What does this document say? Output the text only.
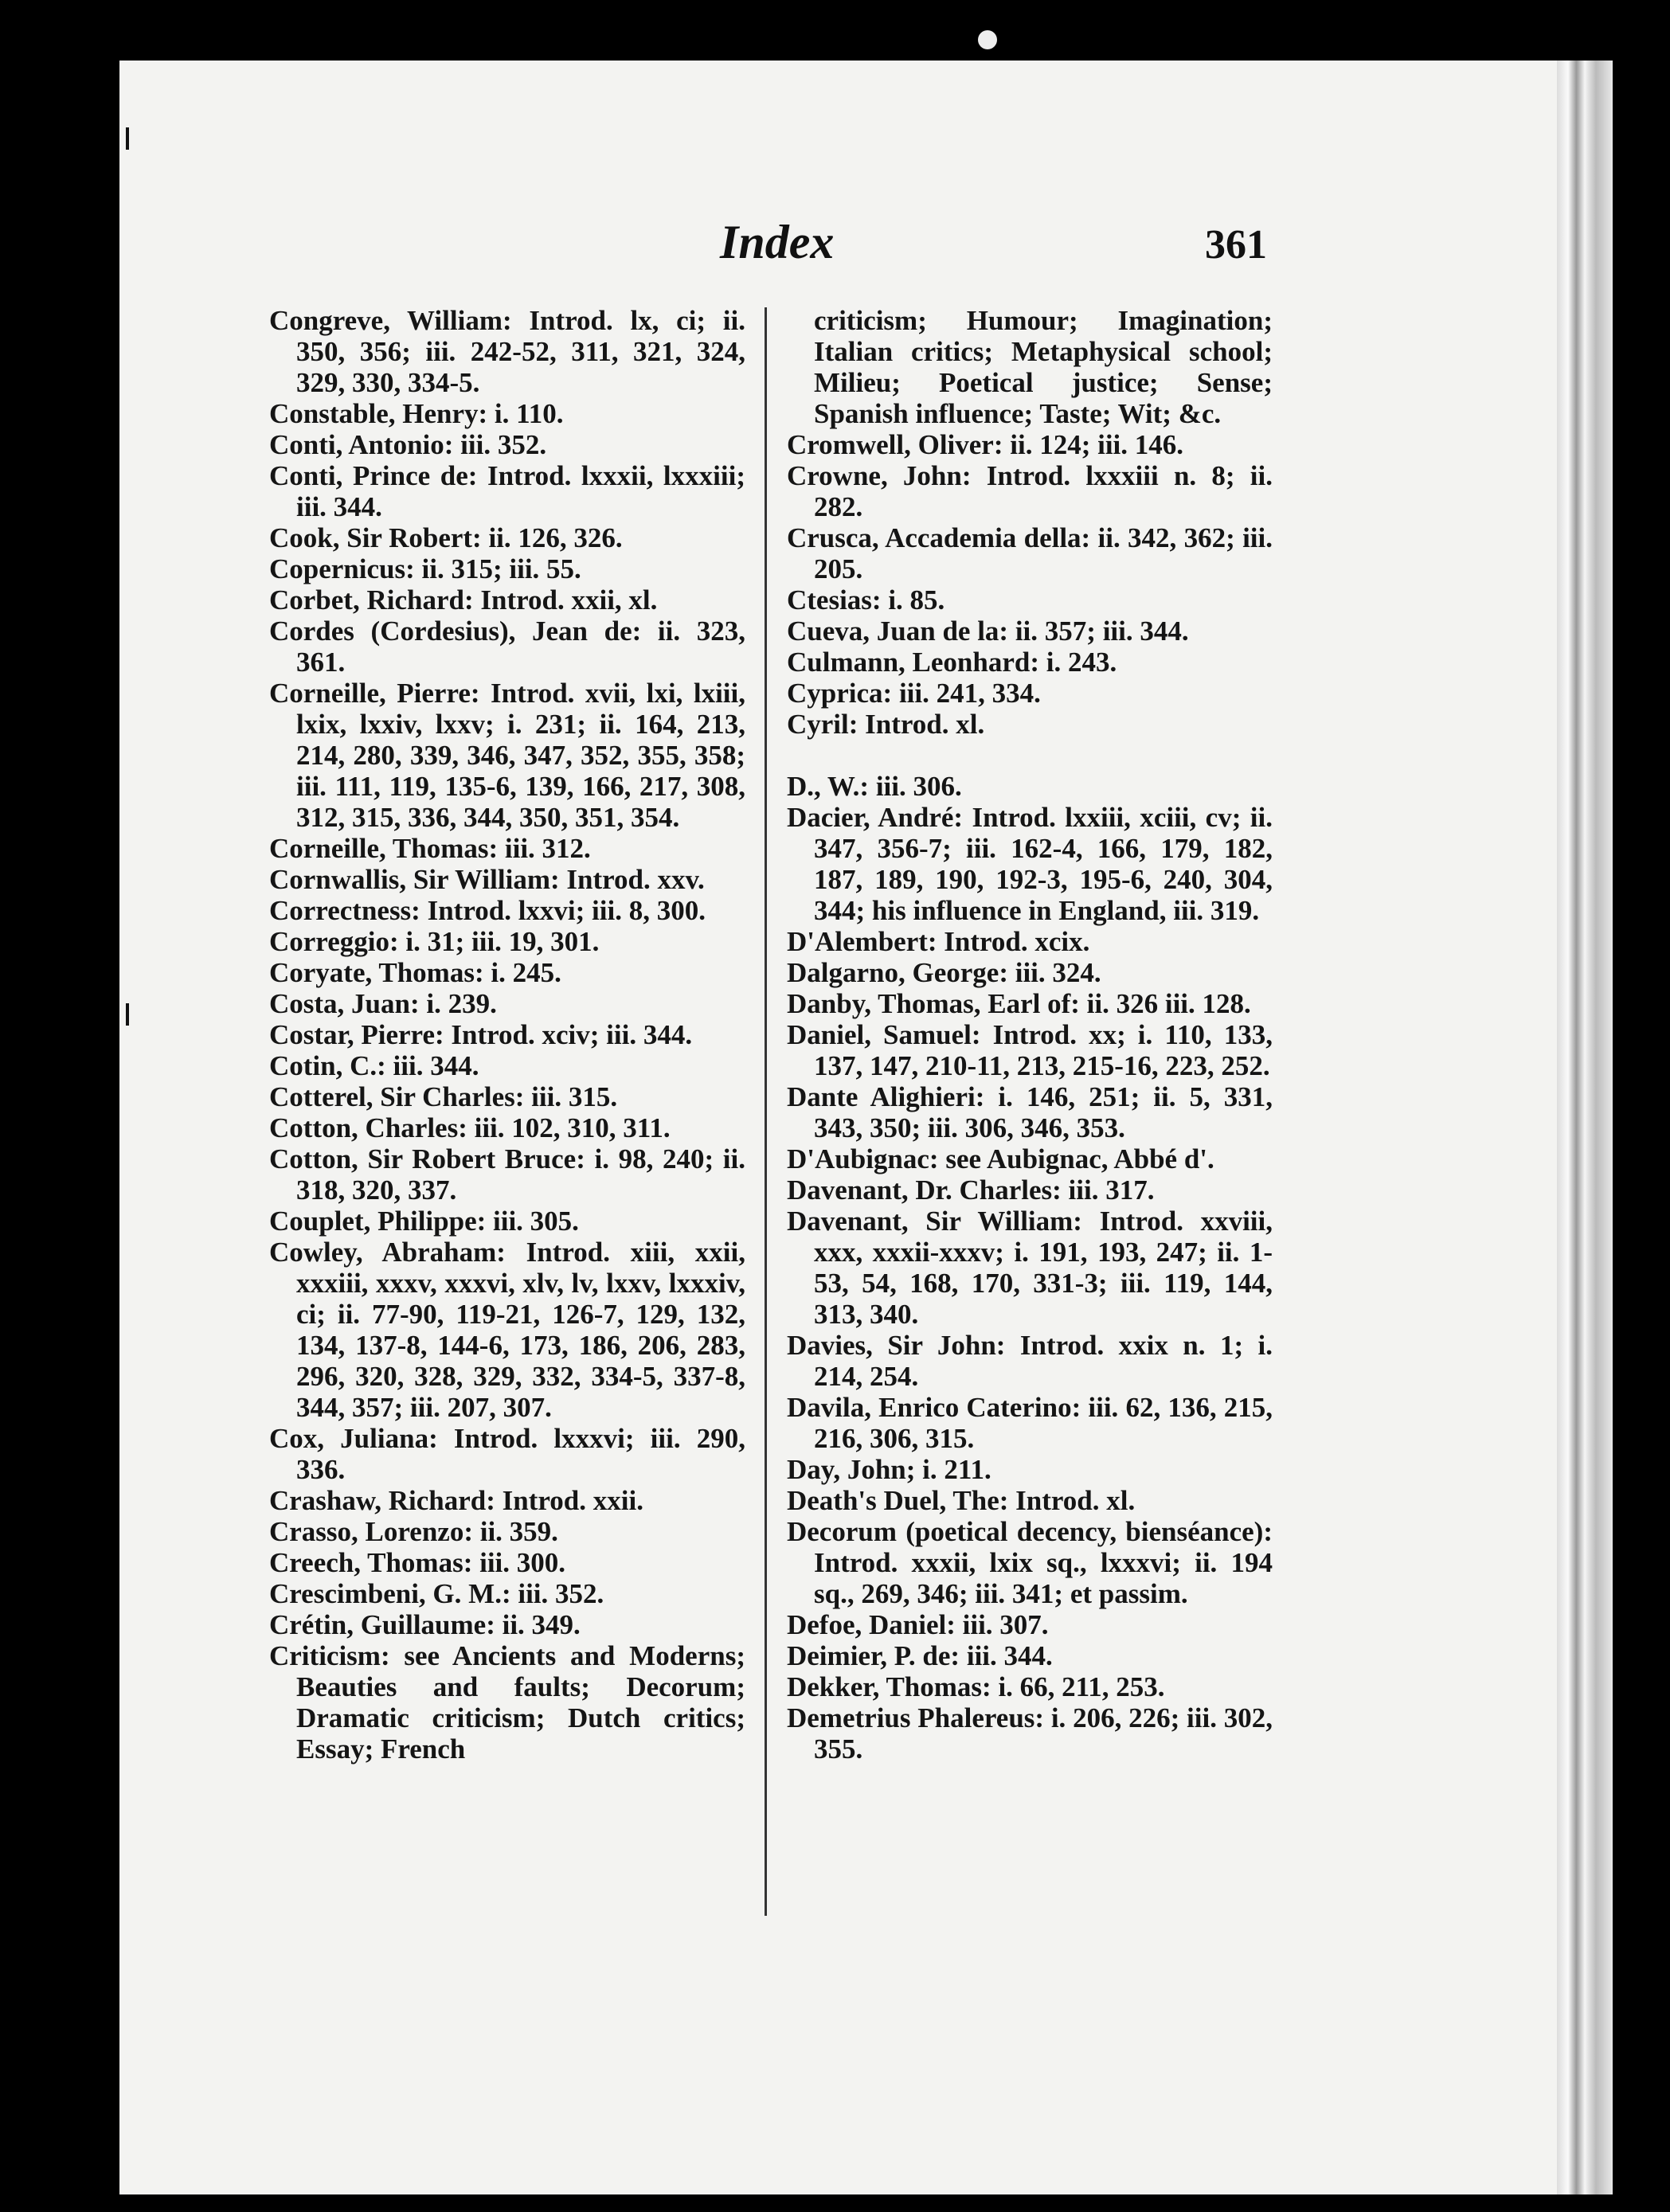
Index	361
Congreve, William: Introd. lx, ci; ii. 350, 356; iii. 242-52, 311, 321, 324, 329, 330, 334-5.
Constable, Henry: i. 110.
Conti, Antonio: iii. 352.
Conti, Prince de: Introd. lxxxii, lxxxiii; iii. 344.
Cook, Sir Robert: ii. 126, 326.
Copernicus: ii. 315; iii. 55.
Corbet, Richard: Introd. xxii, xl.
Cordes (Cordesius), Jean de: ii. 323, 361.
Corneille, Pierre: Introd. xvii, lxi, lxiii, lxix, lxxiv, lxxv; i. 231; ii. 164, 213, 214, 280, 339, 346, 347, 352, 355, 358; iii. 111, 119, 135-6, 139, 166, 217, 308, 312, 315, 336, 344, 350, 351, 354.
Corneille, Thomas: iii. 312.
Cornwallis, Sir William: Introd. xxv.
Correctness: Introd. lxxvi; iii. 8, 300.
Correggio: i. 31; iii. 19, 301.
Coryate, Thomas: i. 245.
Costa, Juan: i. 239.
Costar, Pierre: Introd. xciv; iii. 344.
Cotin, C.: iii. 344.
Cotterel, Sir Charles: iii. 315.
Cotton, Charles: iii. 102, 310, 311.
Cotton, Sir Robert Bruce: i. 98, 240; ii. 318, 320, 337.
Couplet, Philippe: iii. 305.
Cowley, Abraham: Introd. xiii, xxii, xxxiii, xxxv, xxxvi, xlv, lv, lxxv, lxxxiv, ci; ii. 77-90, 119-21, 126-7, 129, 132, 134, 137-8, 144-6, 173, 186, 206, 283, 296, 320, 328, 329, 332, 334-5, 337-8, 344, 357; iii. 207, 307.
Cox, Juliana: Introd. lxxxvi; iii. 290, 336.
Crashaw, Richard: Introd. xxii.
Crasso, Lorenzo: ii. 359.
Creech, Thomas: iii. 300.
Crescimbeni, G. M.: iii. 352.
Crétin, Guillaume: ii. 349.
Criticism: see Ancients and Moderns; Beauties and faults; Decorum; Dramatic criticism; Dutch critics; Essay; French
criticism; Humour; Imagination; Italian critics; Metaphysical school; Milieu; Poetical justice; Sense; Spanish influence; Taste; Wit; &c.
Cromwell, Oliver: ii. 124; iii. 146.
Crowne, John: Introd. lxxxiii n. 8; ii. 282.
Crusca, Accademia della: ii. 342, 362; iii. 205.
Ctesias: i. 85.
Cueva, Juan de la: ii. 357; iii. 344.
Culmann, Leonhard: i. 243.
Cyprica: iii. 241, 334.
Cyril: Introd. xl.
D., W.: iii. 306.
Dacier, André: Introd. lxxiii, xciii, cv; ii. 347, 356-7; iii. 162-4, 166, 179, 182, 187, 189, 190, 192-3, 195-6, 240, 304, 344; his influence in England, iii. 319.
D'Alembert: Introd. xcix.
Dalgarno, George: iii. 324.
Danby, Thomas, Earl of: ii. 326 iii. 128.
Daniel, Samuel: Introd. xx; i. 110, 133, 137, 147, 210-11, 213, 215-16, 223, 252.
Dante Alighieri: i. 146, 251; ii. 5, 331, 343, 350; iii. 306, 346, 353.
D'Aubignac: see Aubignac, Abbé d'.
Davenant, Dr. Charles: iii. 317.
Davenant, Sir William: Introd. xxviii, xxx, xxxii-xxxv; i. 191, 193, 247; ii. 1-53, 54, 168, 170, 331-3; iii. 119, 144, 313, 340.
Davies, Sir John: Introd. xxix n. 1; i. 214, 254.
Davila, Enrico Caterino: iii. 62, 136, 215, 216, 306, 315.
Day, John; i. 211.
Death's Duel, The: Introd. xl.
Decorum (poetical decency, bienséance): Introd. xxxii, lxix sq., lxxxvi; ii. 194 sq., 269, 346; iii. 341; et passim.
Defoe, Daniel: iii. 307.
Deimier, P. de: iii. 344.
Dekker, Thomas: i. 66, 211, 253.
Demetrius Phalereus: i. 206, 226; iii. 302, 355.
